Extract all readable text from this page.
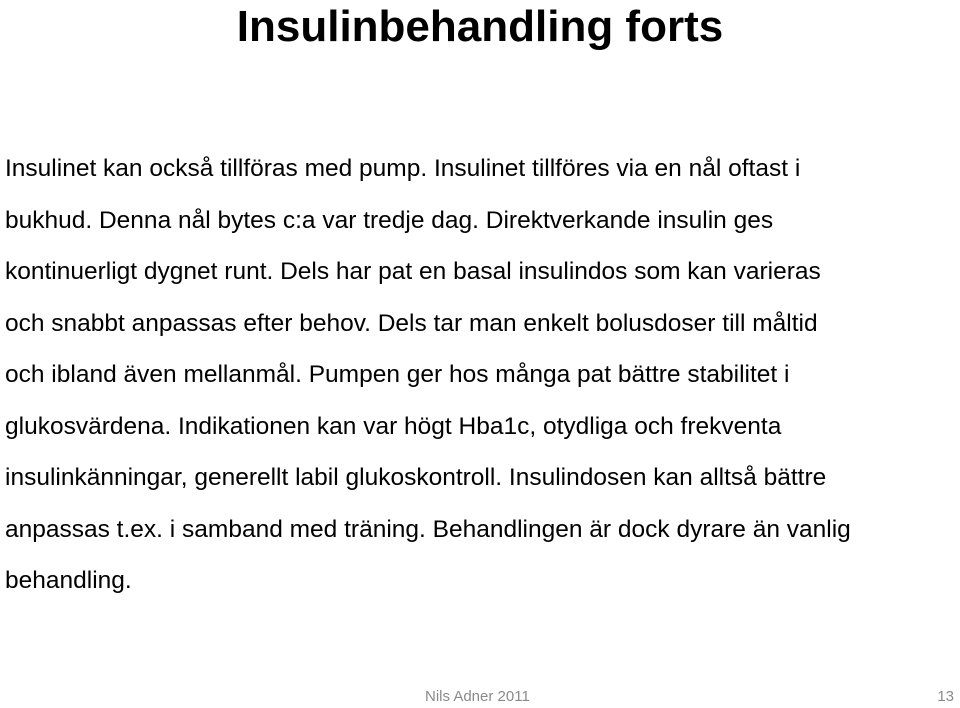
Insulinbehandling forts
Insulinet kan också tillföras med pump. Insulinet tillföres via en nål oftast i
bukhud. Denna nål bytes c:a var tredje dag. Direktverkande insulin ges
kontinuerligt dygnet runt. Dels har pat en basal insulindos som kan varieras
och snabbt anpassas efter behov. Dels tar man enkelt bolusdoser till måltid
och ibland även mellanmål. Pumpen ger hos många pat bättre stabilitet i
glukosvärdena. Indikationen kan var högt Hba1c, otydliga och frekventa
insulinkänningar, generellt labil glukoskontroll. Insulindosen kan alltså bättre
anpassas t.ex. i samband med träning. Behandlingen är dock dyrare än vanlig
behandling.
Nils Adner 2011	13
